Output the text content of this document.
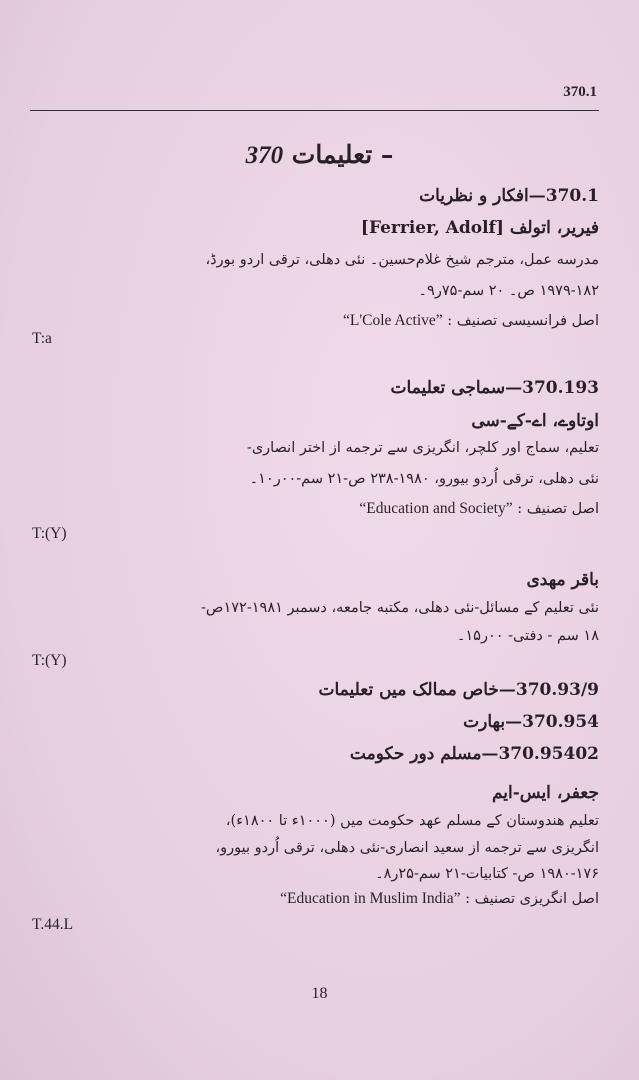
370.1
370 – تعلیمات
370.1—افکار و نظریات
فیریر، اتولف [Ferrier, Adolf]
مدرسه عمل، مترجم شیخ غلام‌حسین۔ نئی دهلی، ترقی اردو بورڈ،
۱۹۷۹-۱۸۲ ص۔ ۲۰ سم-۷۵ر۹۔
“L'Cole Active” اصل فرانسیسی تصنیف :
T:a
370.193—سماجی تعلیمات
اوتاوے، اے-کے-سی
تعلیم، سماج اور کلچر، انگریزی سے ترجمه از اختر انصاری-
نئی دهلی، ترقی اُردو بیورو، ۱۹۸۰-۲۳۸ ص-۲۱ سم-۰۰ر۱۰۔
“Education and Society” اصل تصنیف :
T:(Y)
باقر مهدی
نئی تعلیم کے مسائل-نئی دهلی، مکتبه جامعه، دسمبر ۱۹۸۱-۱۷۲ص-
۱۸ سم - دفتی- ۰۰ر۱۵۔
T:(Y)
370.93/9—خاص ممالک میں تعلیمات
370.954—بهارت
370.95402—مسلم دور حکومت
جعفر، ایس-ایم
تعلیم هندوستان کے مسلم عهد حکومت میں (۱۰۰۰ء تا ۱۸۰۰ء)،
انگریزی سے ترجمه از سعید انصاری-نئی دهلی، ترقی اُردو بیورو،
۱۹۸۰-۱۷۶ ص- کتابیات-۲۱ سم-۲۵ر۸۔
“Education in Muslim India” اصل انگریزی تصنیف :
T.44.L
18
